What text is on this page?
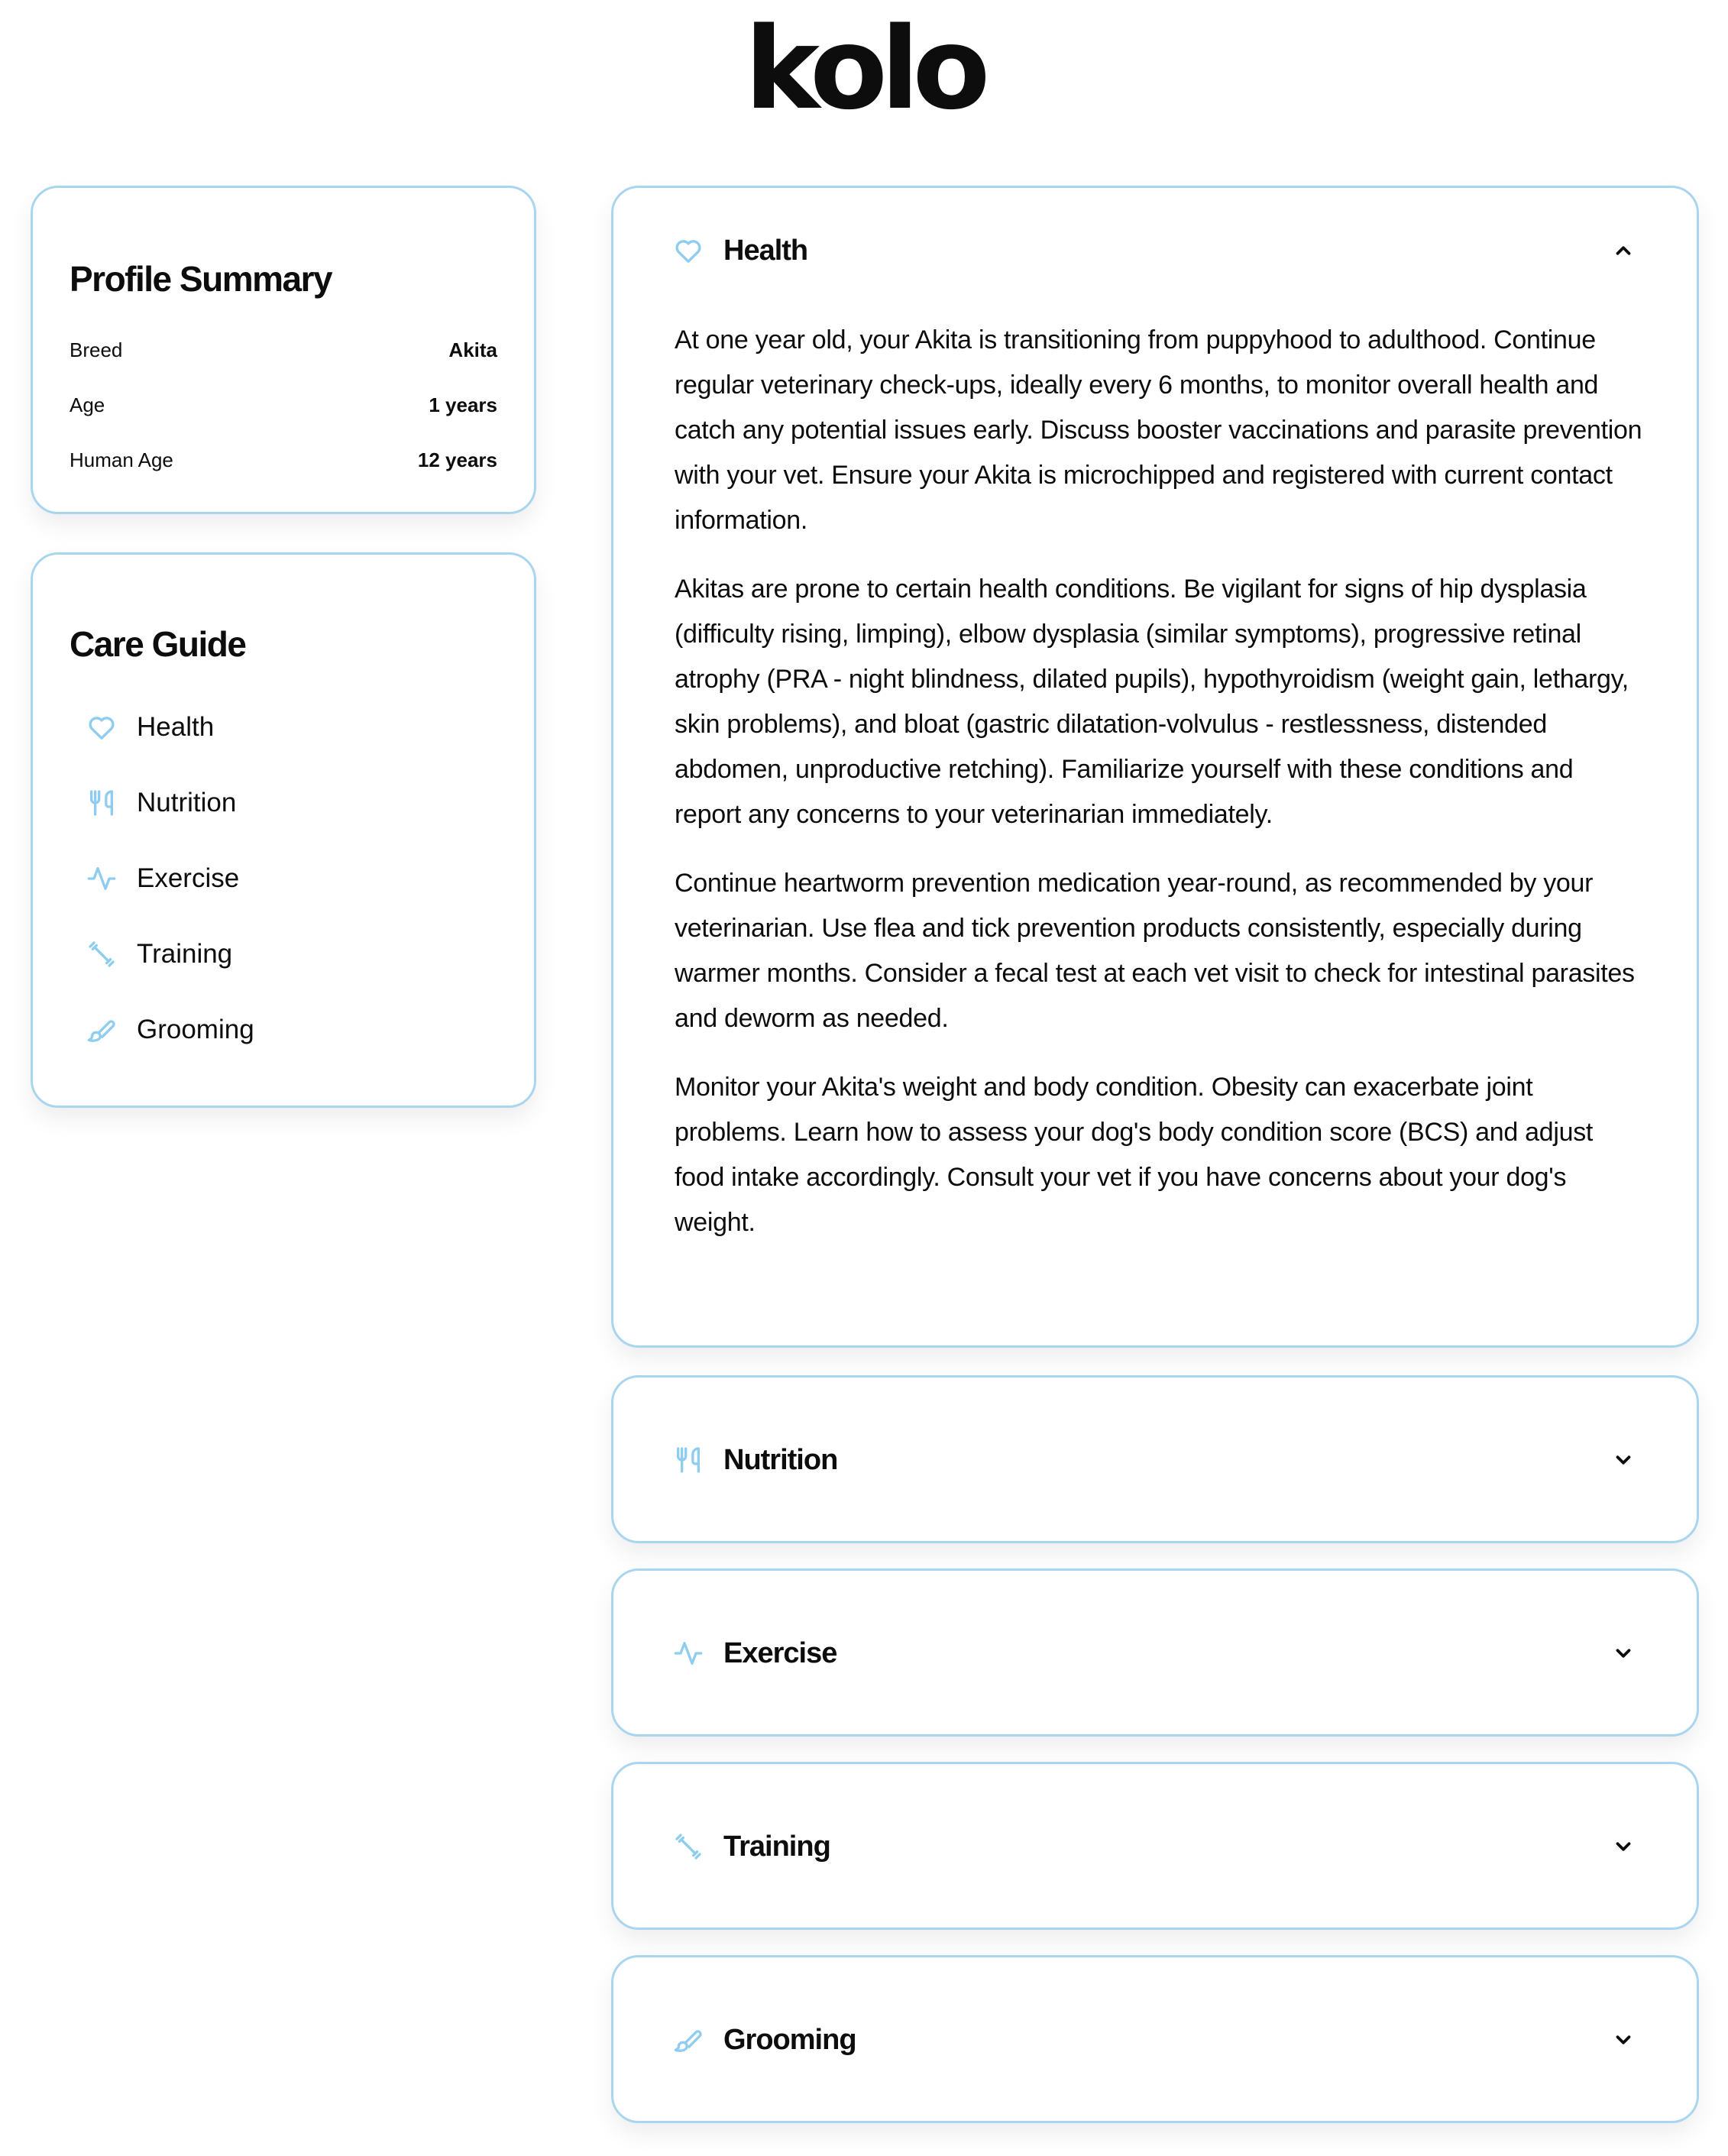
kolo
Profile Summary
Breed	Akita
Age	1 years
Human Age	12 years
Care Guide
Health
Nutrition
Exercise
Training
Grooming
Health

At one year old, your Akita is transitioning from puppyhood to adulthood. Continue regular veterinary check-ups, ideally every 6 months, to monitor overall health and catch any potential issues early. Discuss booster vaccinations and parasite prevention with your vet. Ensure your Akita is microchipped and registered with current contact information.

Akitas are prone to certain health conditions. Be vigilant for signs of hip dysplasia (difficulty rising, limping), elbow dysplasia (similar symptoms), progressive retinal atrophy (PRA - night blindness, dilated pupils), hypothyroidism (weight gain, lethargy, skin problems), and bloat (gastric dilatation-volvulus - restlessness, distended abdomen, unproductive retching). Familiarize yourself with these conditions and report any concerns to your veterinarian immediately.

Continue heartworm prevention medication year-round, as recommended by your veterinarian. Use flea and tick prevention products consistently, especially during warmer months. Consider a fecal test at each vet visit to check for intestinal parasites and deworm as needed.

Monitor your Akita's weight and body condition. Obesity can exacerbate joint problems. Learn how to assess your dog's body condition score (BCS) and adjust food intake accordingly. Consult your vet if you have concerns about your dog's weight.

Nutrition
Exercise
Training
Grooming
